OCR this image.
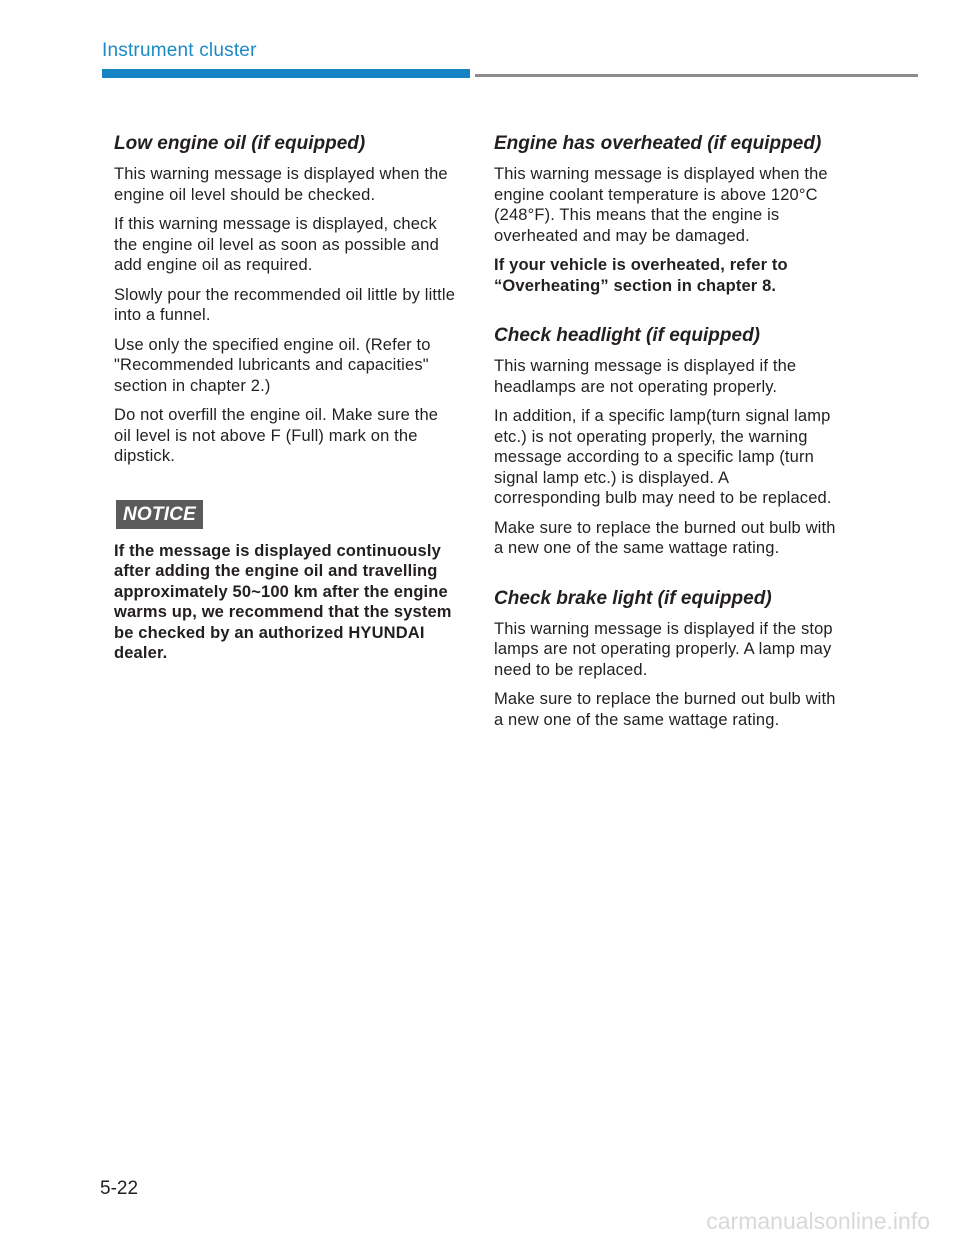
Instrument cluster
Low engine oil (if equipped)

This warning message is displayed when the engine oil level should be checked.

If this warning message is displayed, check the engine oil level as soon as possible and add engine oil as required.

Slowly pour the recommended oil little by little into a funnel.

Use only the specified engine oil. (Refer to "Recommended lubricants and capacities" section in chapter 2.)

Do not overfill the engine oil. Make sure the oil level is not above F (Full) mark on the dipstick.

NOTICE

If the message is displayed continuously after adding the engine oil and travelling approximately 50~100 km after the engine warms up, we recommend that the system be checked by an authorized HYUNDAI dealer.

Engine has overheated (if equipped)

This warning message is displayed when the engine coolant temperature is above 120°C (248°F). This means that the engine is overheated and may be damaged.

If your vehicle is overheated, refer to “Overheating” section in chapter 8.

Check headlight (if equipped)

This warning message is displayed if the headlamps are not operating properly.

In addition, if a specific lamp(turn signal lamp etc.) is not operating properly, the warning message according to a specific lamp (turn signal lamp etc.) is displayed. A corresponding bulb may need to be replaced.

Make sure to replace the burned out bulb with a new one of the same wattage rating.

Check brake light (if equipped)

This warning message is displayed if the stop lamps are not operating properly. A lamp may need to be replaced.

Make sure to replace the burned out bulb with a new one of the same wattage rating.

5-22
carmanualsonline.info
